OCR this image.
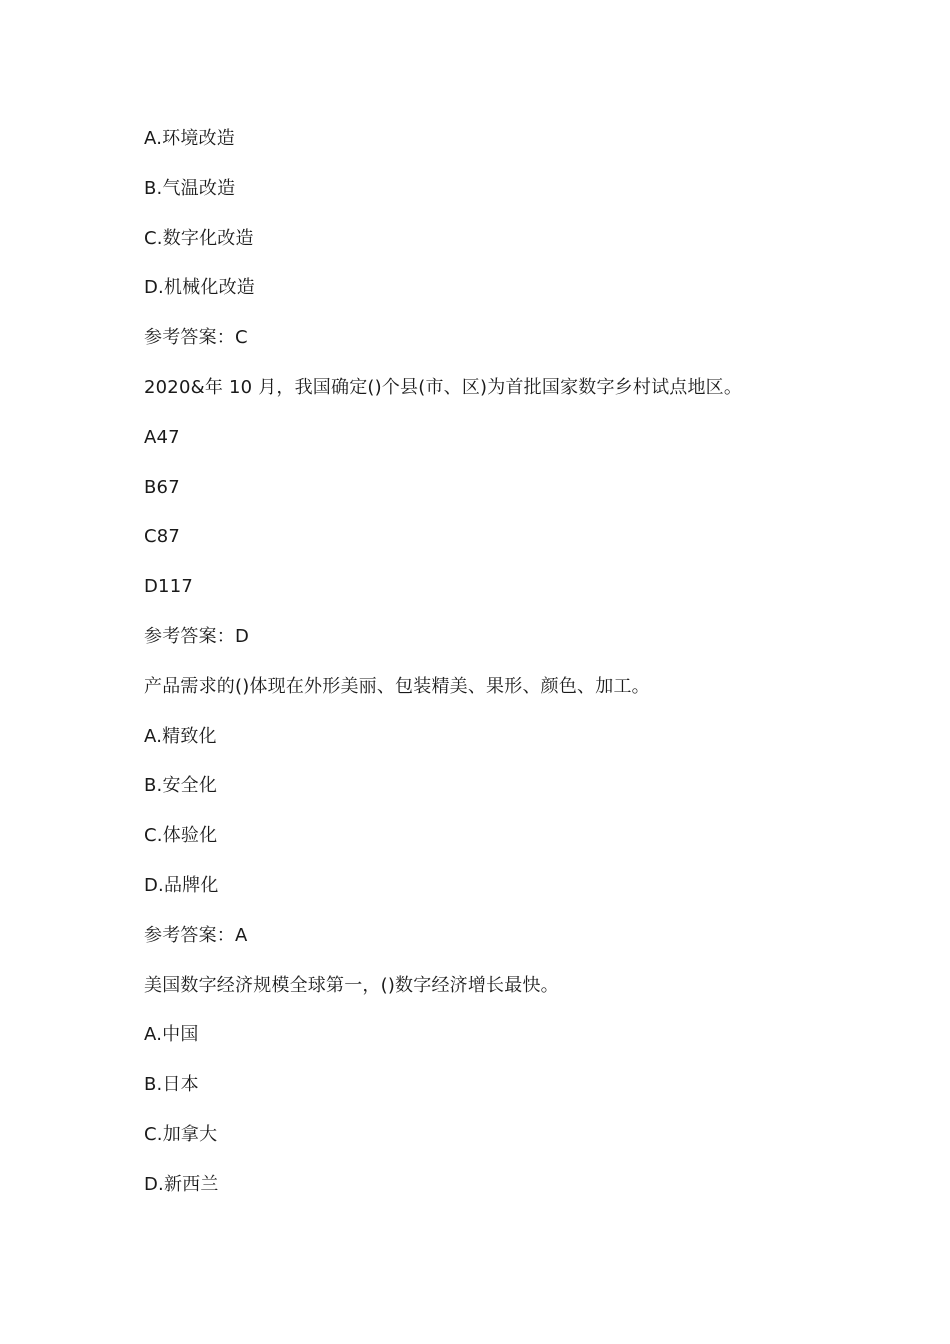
A.环境改造
B.气温改造
C.数字化改造
D.机械化改造
参考答案：C
2020&年 10 月，我国确定()个县(市、区)为首批国家数字乡村试点地区。
A47
B67
C87
D117
参考答案：D
产品需求的()体现在外形美丽、包装精美、果形、颜色、加工。
A.精致化
B.安全化
C.体验化
D.品牌化
参考答案：A
美国数字经济规模全球第一，()数字经济增长最快。
A.中国
B.日本
C.加拿大
D.新西兰
